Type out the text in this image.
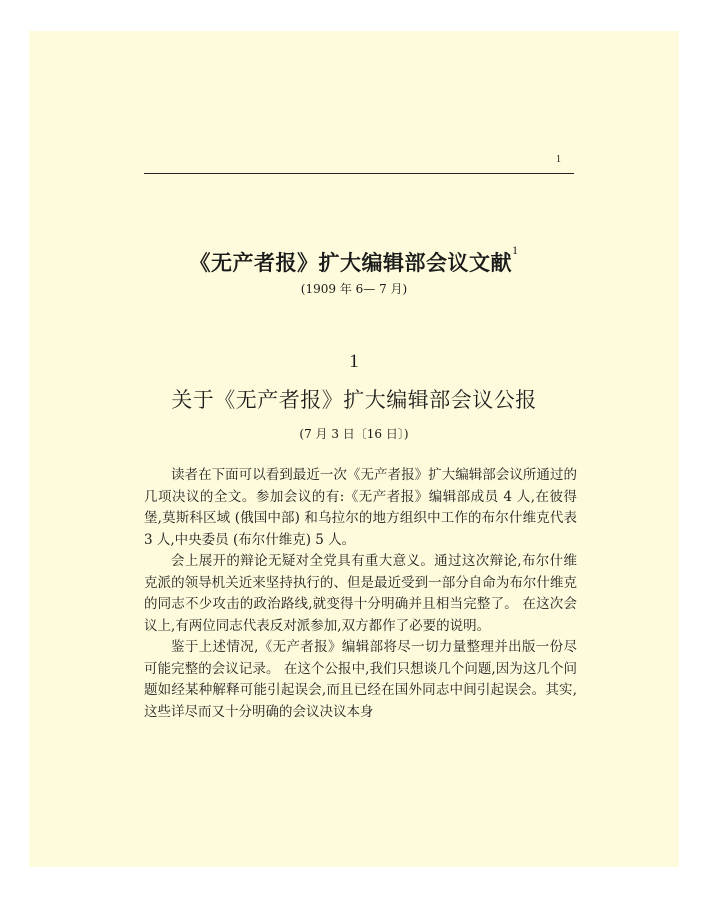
1
《无产者报》扩大编辑部会议文献$^1$
(1909 年 6— 7 月)
1
关于《无产者报》扩大编辑部会议公报
(7 月 3 日〔16 日〕)

读者在下面可以看到最近一次《无产者报》扩大编辑部会议所通过的几项决议的全文。参加会议的有:《无产者报》编辑部成员 4 人,在彼得堡,莫斯科区域 (俄国中部) 和乌拉尔的地方组织中工作的布尔什维克代表 3 人,中央委员 (布尔什维克) 5 人。

会上展开的辩论无疑对全党具有重大意义。通过这次辩论,布尔什维克派的领导机关近来坚持执行的、但是最近受到一部分自命为布尔什维克的同志不少攻击的政治路线,就变得十分明确并且相当完整了。 在这次会议上,有两位同志代表反对派参加,双方都作了必要的说明。

鉴于上述情况,《无产者报》编辑部将尽一切力量整理并出版一份尽可能完整的会议记录。 在这个公报中,我们只想谈几个问题,因为这几个问题如经某种解释可能引起误会,而且已经在国外同志中间引起误会。其实,这些详尽而又十分明确的会议决议本身
